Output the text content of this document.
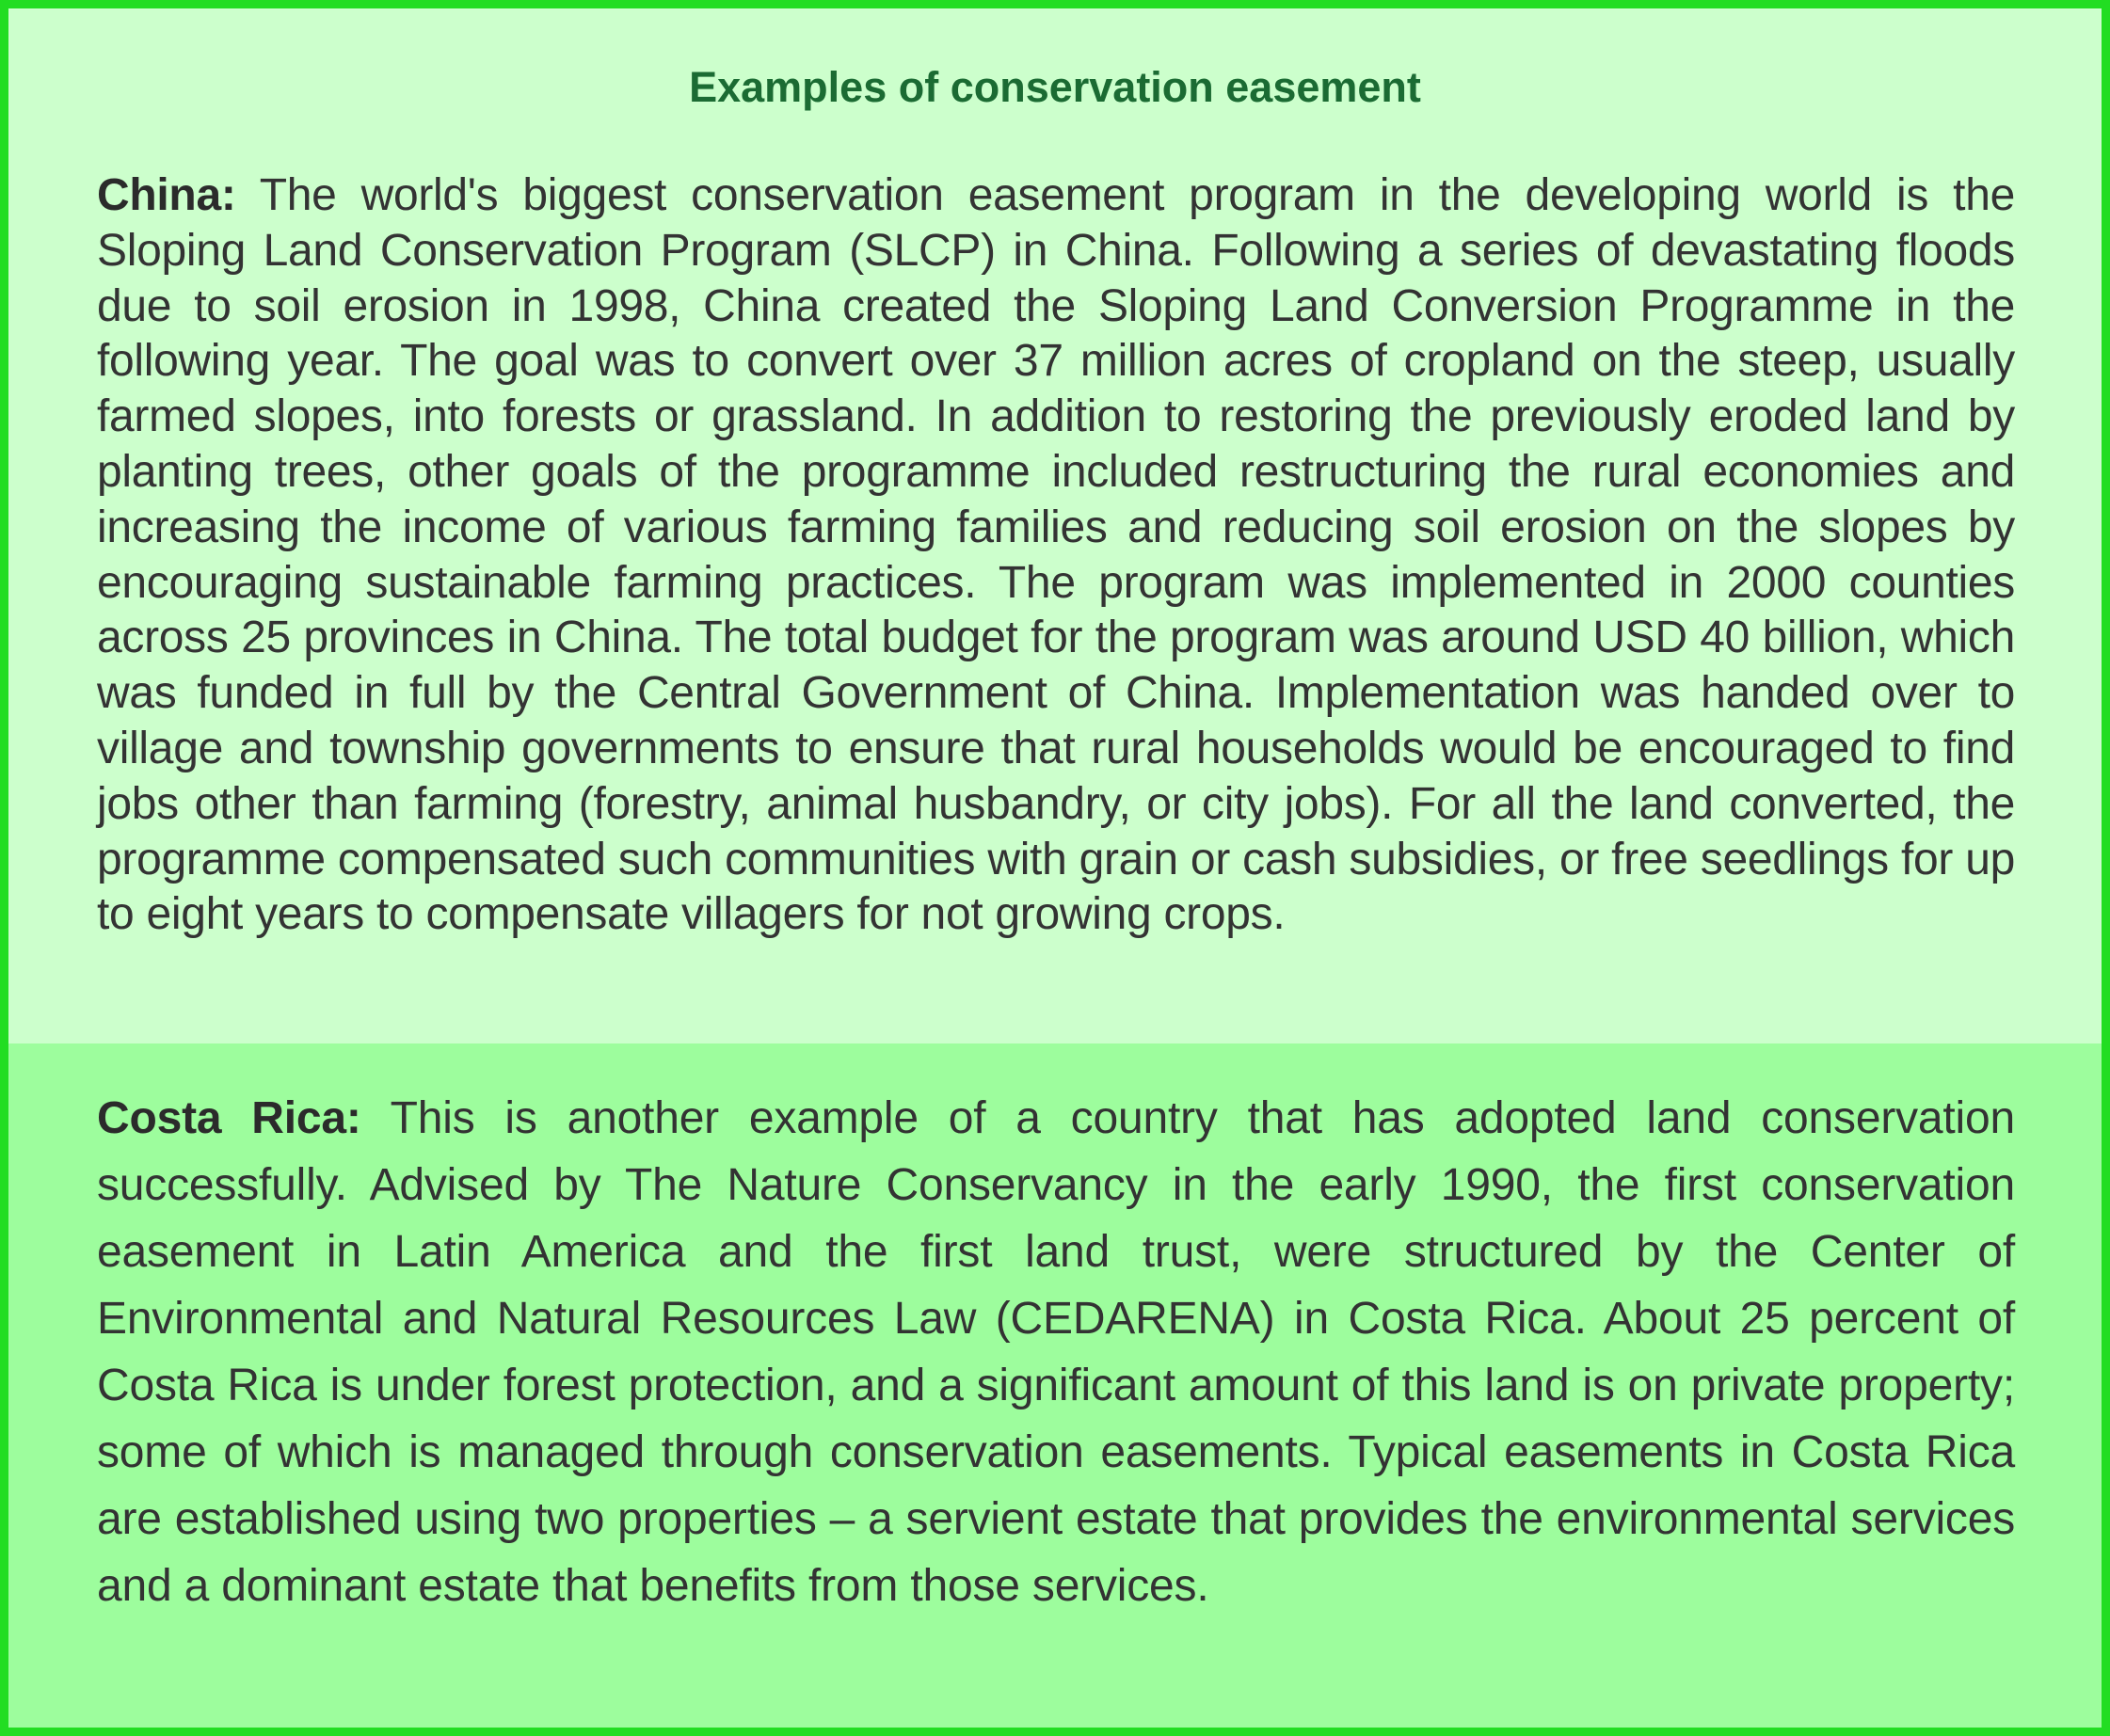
Examples of conservation easement

China: The world's biggest conservation easement program in the developing world is the Sloping Land Conservation Program (SLCP) in China. Following a series of devastating floods due to soil erosion in 1998, China created the Sloping Land Conversion Programme in the following year. The goal was to convert over 37 million acres of cropland on the steep, usually farmed slopes, into forests or grassland. In addition to restoring the previously eroded land by planting trees, other goals of the programme included restructuring the rural economies and increasing the income of various farming families and reducing soil erosion on the slopes by encouraging sustainable farming practices. The program was implemented in 2000 counties across 25 provinces in China. The total budget for the program was around USD 40 billion, which was funded in full by the Central Government of China. Implementation was handed over to village and township governments to ensure that rural households would be encouraged to find jobs other than farming (forestry, animal husbandry, or city jobs). For all the land converted, the programme compensated such communities with grain or cash subsidies, or free seedlings for up to eight years to compensate villagers for not growing crops.

Costa Rica: This is another example of a country that has adopted land conservation successfully. Advised by The Nature Conservancy in the early 1990, the first conservation easement in Latin America and the first land trust, were structured by the Center of Environmental and Natural Resources Law (CEDARENA) in Costa Rica. About 25 percent of Costa Rica is under forest protection, and a significant amount of this land is on private property; some of which is managed through conservation easements. Typical easements in Costa Rica are established using two properties – a servient estate that provides the environmental services and a dominant estate that benefits from those services.
